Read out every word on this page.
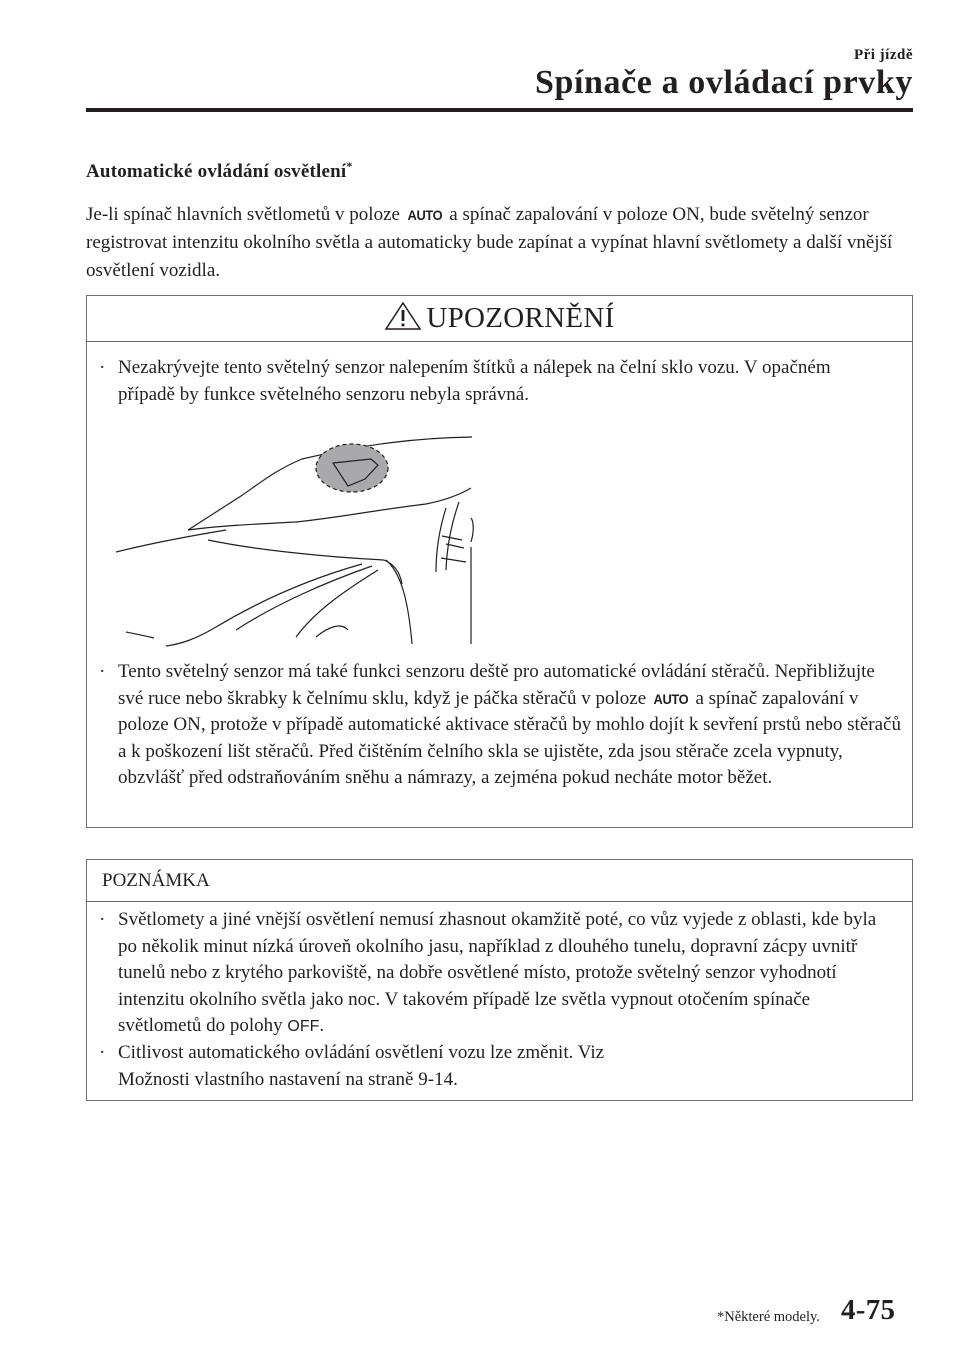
Při jízdě
Spínače a ovládací prvky
Automatické ovládání osvětlení*
Je-li spínač hlavních světlometů v poloze AUTO a spínač zapalování v poloze ON, bude světelný senzor registrovat intenzitu okolního světla a automaticky bude zapínat a vypínat hlavní světlomety a další vnější osvětlení vozidla.
UPOZORNĚNÍ
· Nezakrývejte tento světelný senzor nalepením štítků a nálepek na čelní sklo vozu. V opačném případě by funkce světelného senzoru nebyla správná.
· Tento světelný senzor má také funkci senzoru deště pro automatické ovládání stěračů. Nepřibližujte své ruce nebo škrabky k čelnímu sklu, když je páčka stěračů v poloze AUTO a spínač zapalování v poloze ON, protože v případě automatické aktivace stěračů by mohlo dojít k sevření prstů nebo stěračů a k poškození lišt stěračů. Před čištěním čelního skla se ujistěte, zda jsou stěrače zcela vypnuty, obzvlášť před odstraňováním sněhu a námrazy, a zejména pokud necháte motor běžet.
POZNÁMKA
· Světlomety a jiné vnější osvětlení nemusí zhasnout okamžitě poté, co vůz vyjede z oblasti, kde byla po několik minut nízká úroveň okolního jasu, například z dlouhého tunelu, dopravní zácpy uvnitř tunelů nebo z krytého parkoviště, na dobře osvětlené místo, protože světelný senzor vyhodnotí intenzitu okolního světla jako noc. V takovém případě lze světla vypnout otočením spínače světlometů do polohy OFF.
· Citlivost automatického ovládání osvětlení vozu lze změnit. Viz Možnosti vlastního nastavení na straně 9-14.
*Některé modely. 4-75
